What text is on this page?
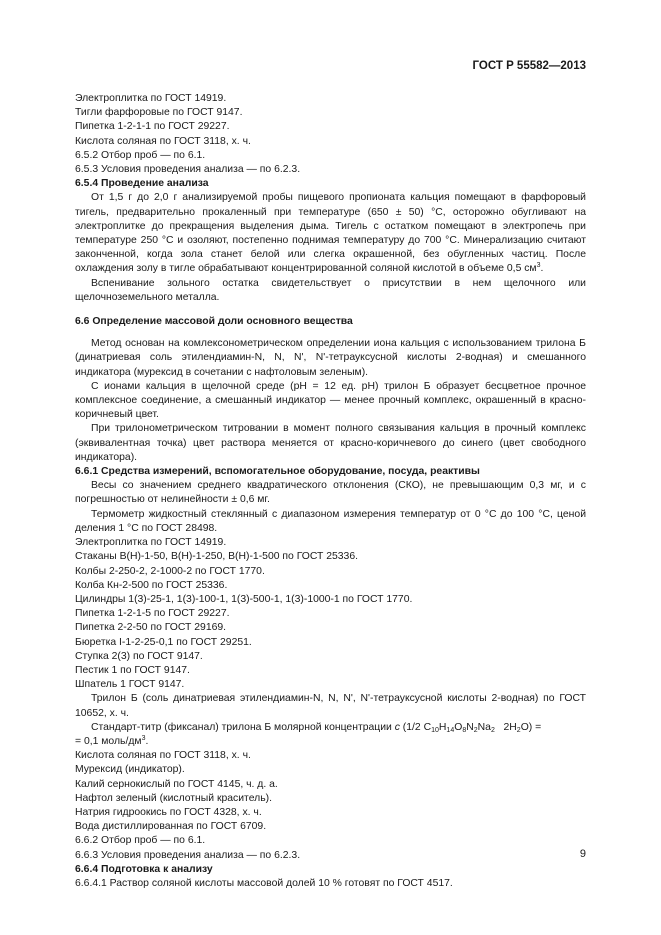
ГОСТ Р 55582—2013

Электроплитка по ГОСТ 14919.

Тигли фарфоровые по ГОСТ 9147.

Пипетка 1-2-1-1 по ГОСТ 29227.

Кислота соляная по ГОСТ 3118, х. ч.

6.5.2 Отбор проб — по 6.1.

6.5.3 Условия проведения анализа — по 6.2.3.

6.5.4 Проведение анализа

От 1,5 г до 2,0 г анализируемой пробы пищевого пропионата кальция помещают в фарфоровый тигель, предварительно прокаленный при температуре (650 ± 50) °С, осторожно обугливают на электроплитке до прекращения выделения дыма. Тигель с остатком помещают в электропечь при температуре 250 °С и озоляют, постепенно поднимая температуру до 700 °С. Минерализацию считают законченной, когда зола станет белой или слегка окрашенной, без обугленных частиц. После охлаждения золу в тигле обрабатывают концентрированной соляной кислотой в объеме 0,5 $см^3$.

Вспенивание зольного остатка свидетельствует о присутствии в нем щелочного или щелочноземельного металла.

6.6 Определение массовой доли основного вещества

Метод основан на комлексонометрическом определении иона кальция с использованием трилона Б (динатриевая соль этилендиамин-N, N, N', N'-тетрауксусной кислоты 2-водная) и смешанного индикатора (мурексид в сочетании с нафтоловым зеленым).

С ионами кальция в щелочной среде (рН = 12 ед. рН) трилон Б образует бесцветное прочное комплексное соединение, а смешанный индикатор — менее прочный комплекс, окрашенный в красно-коричневый цвет.

При трилонометрическом титровании в момент полного связывания кальция в прочный комплекс (эквивалентная точка) цвет раствора меняется от красно-коричневого до синего (цвет свободного индикатора).

6.6.1 Средства измерений, вспомогательное оборудование, посуда, реактивы

Весы со значением среднего квадратического отклонения (СКО), не превышающим 0,3 мг, и с погрешностью от нелинейности ± 0,6 мг.

Термометр жидкостный стеклянный с диапазоном измерения температур от 0 °С до 100 °С, ценой деления 1 °С по ГОСТ 28498.

Электроплитка по ГОСТ 14919.

Стаканы В(Н)-1-50, В(Н)-1-250, В(Н)-1-500 по ГОСТ 25336.

Колбы 2-250-2, 2-1000-2 по ГОСТ 1770.

Колба Кн-2-500 по ГОСТ 25336.

Цилиндры 1(3)-25-1, 1(3)-100-1, 1(3)-500-1, 1(3)-1000-1 по ГОСТ 1770.

Пипетка 1-2-1-5 по ГОСТ 29227.

Пипетка 2-2-50 по ГОСТ 29169.

Бюретка I-1-2-25-0,1 по ГОСТ 29251.

Ступка 2(3) по ГОСТ 9147.

Пестик 1 по ГОСТ 9147.

Шпатель 1 ГОСТ 9147.

Трилон Б (соль динатриевая этилендиамин-N, N, N', N'-тетрауксусной кислоты 2-водная) по ГОСТ 10652, х. ч.

Стандарт-титр (фиксанал) трилона Б молярной концентрации c (1/2 $C_{10}H_{14}O_8N_2Na_2$   $2H_2O$) =

= 0,1 моль/$дм^3$.

Кислота соляная по ГОСТ 3118, х. ч.

Мурексид (индикатор).

Калий сернокислый по ГОСТ 4145, ч. д. а.

Нафтол зеленый (кислотный краситель).

Натрия гидроокись по ГОСТ 4328, х. ч.

Вода дистиллированная по ГОСТ 6709.

6.6.2 Отбор проб — по 6.1.

6.6.3 Условия проведения анализа — по 6.2.3.

6.6.4 Подготовка к анализу

6.6.4.1 Раствор соляной кислоты массовой долей 10 % готовят по ГОСТ 4517.

9
